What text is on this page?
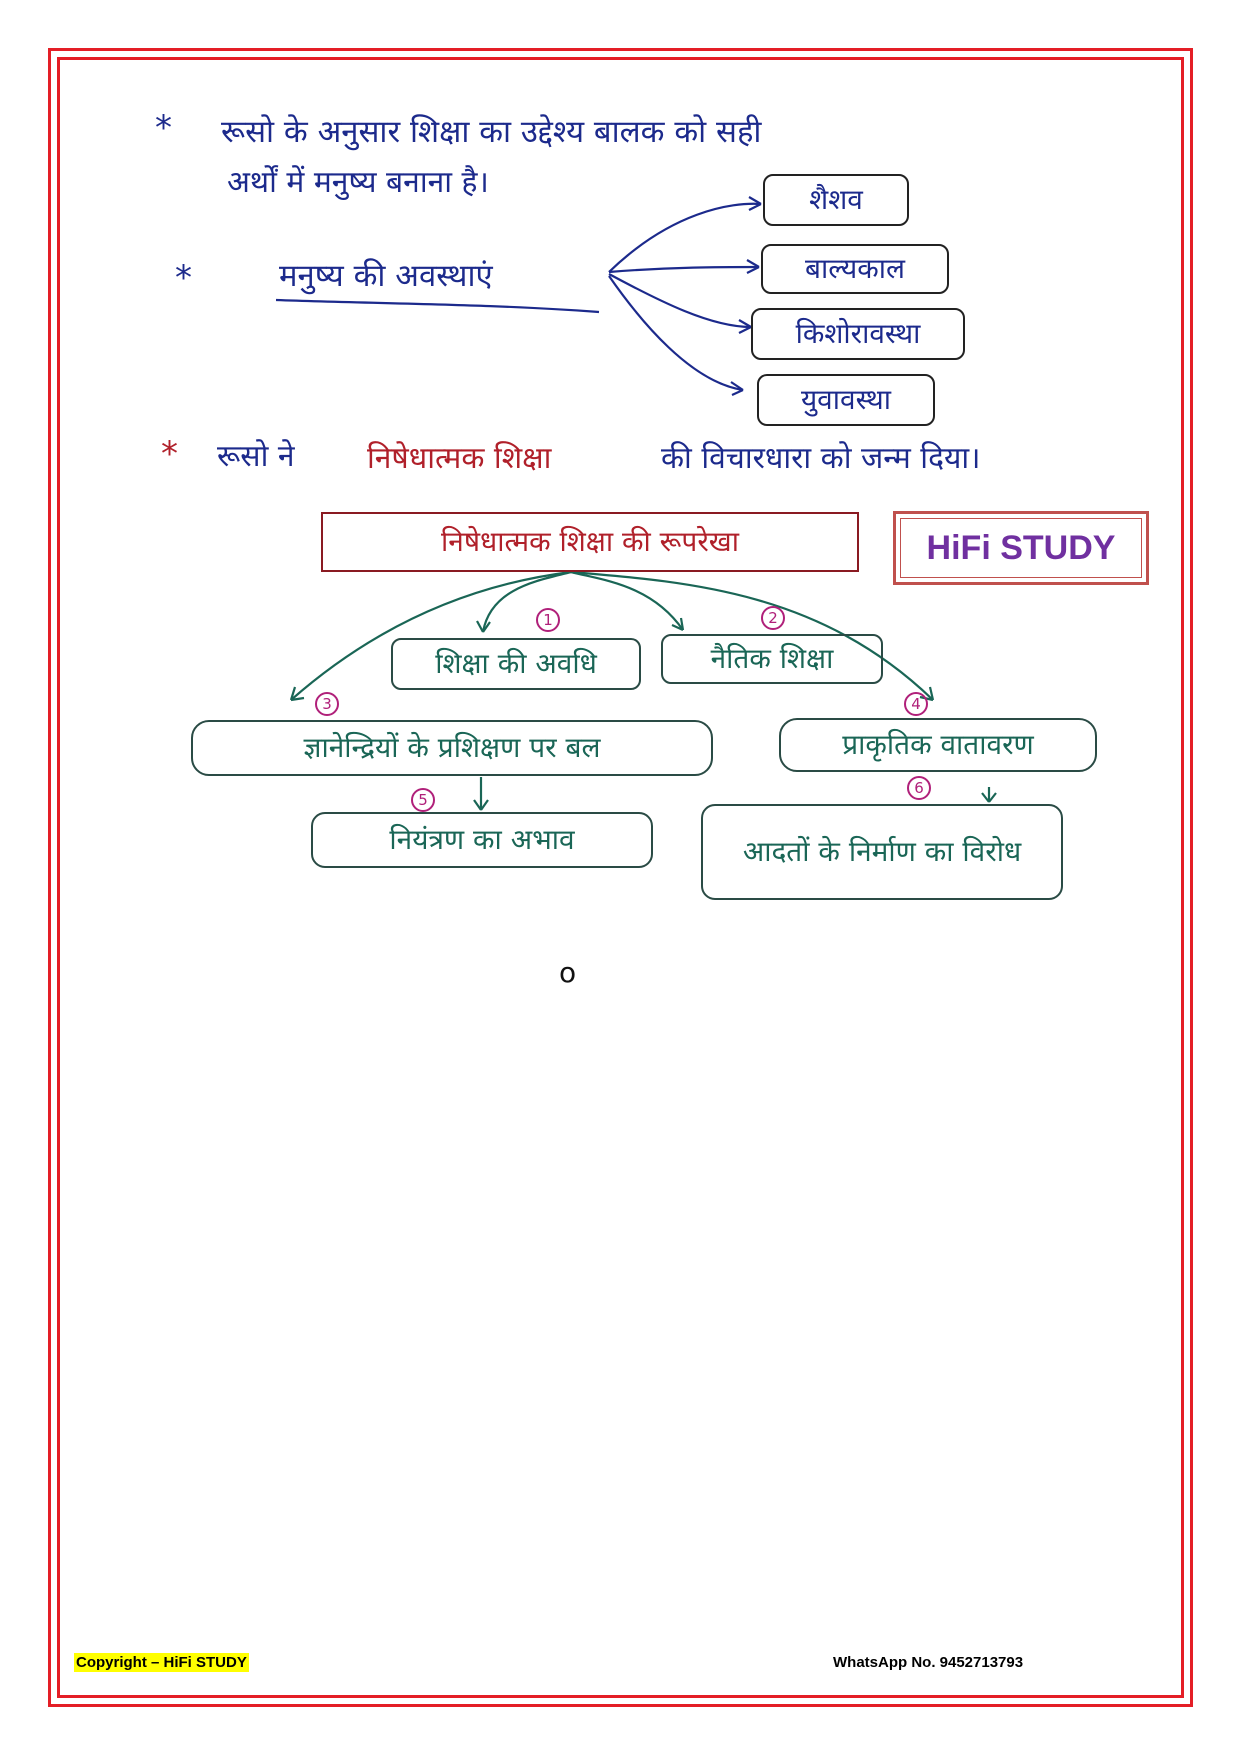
* रूसो के अनुसार शिक्षा का उद्देश्य बालक को सही
अर्थों में मनुष्य बनाना है।
*	मनुष्य की अवस्थाएं
शैशव
बाल्यकाल
किशोरावस्था
युवावस्था
* रूसो ने निषेधात्मक शिक्षा	की विचारधारा को जन्म दिया।
निषेधात्मक शिक्षा की रूपरेखा
1	2
3	4
5
6
शिक्षा की अवधि	नैतिक शिक्षा
ज्ञानेन्द्रियों के प्रशिक्षण पर बल	प्राकृतिक वातावरण
नियंत्रण का अभाव	आदतों के निर्माण का विरोध
o
HiFi STUDY
Copyright – HiFi STUDY	WhatsApp No. 9452713793
